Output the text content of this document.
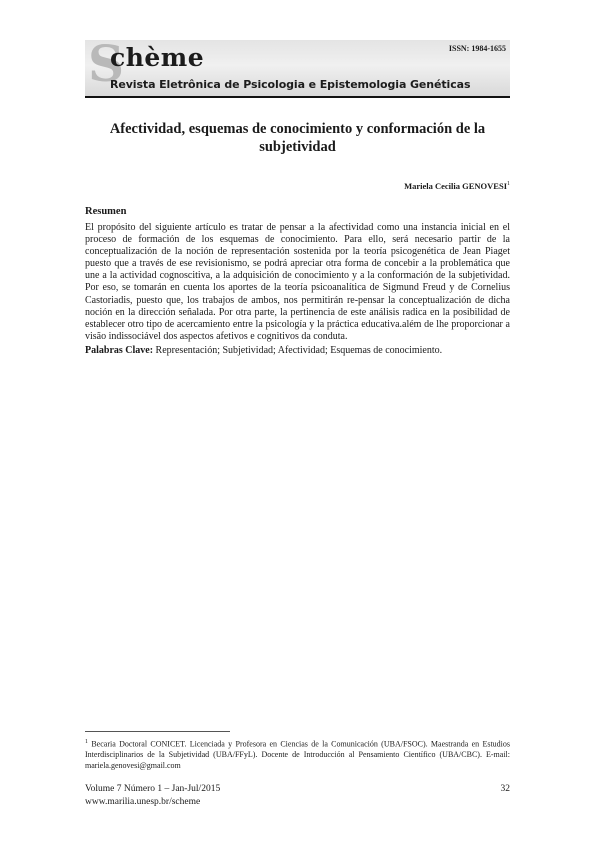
S
chème	ISSN: 1984-1655
Revista Eletrônica de Psicologia e Epistemologia Genéticas
Afectividad, esquemas de conocimiento y conformación de la subjetividad
Mariela Cecilia GENOVESI$^1$
Resumen
El propósito del siguiente artículo es tratar de pensar a la afectividad como una instancia inicial en el proceso de formación de los esquemas de conocimiento. Para ello, será necesario partir de la conceptualización de la noción de representación sostenida por la teoría psicogenética de Jean Piaget puesto que a través de ese revisionismo, se podrá apreciar otra forma de concebir a la problemática que une a la actividad cognoscitiva, a la adquisición de conocimiento y a la conformación de la subjetividad. Por eso, se tomarán en cuenta los aportes de la teoría psicoanalítica de Sigmund Freud y de Cornelius Castoriadis, puesto que, los trabajos de ambos, nos permitirán re-pensar la conceptualización de dicha noción en la dirección señalada. Por otra parte, la pertinencia de este análisis radica en la posibilidad de establecer otro tipo de acercamiento entre la psicología y la práctica educativa.além de lhe proporcionar a visão indissociável dos aspectos afetivos e cognitivos da conduta.
Palabras Clave: Representación; Subjetividad; Afectividad; Esquemas de conocimiento.
$^1$ Becaria Doctoral CONICET. Licenciada y Profesora en Ciencias de la Comunicación (UBA/FSOC). Maestranda en Estudios Interdisciplinarios de la Subjetividad (UBA/FFyL). Docente de Introducción al Pensamiento Científico (UBA/CBC). E-mail: mariela.genovesi@gmail.com
Volume 7 Número 1 – Jan-Jul/2015
www.marilia.unesp.br/scheme
32
